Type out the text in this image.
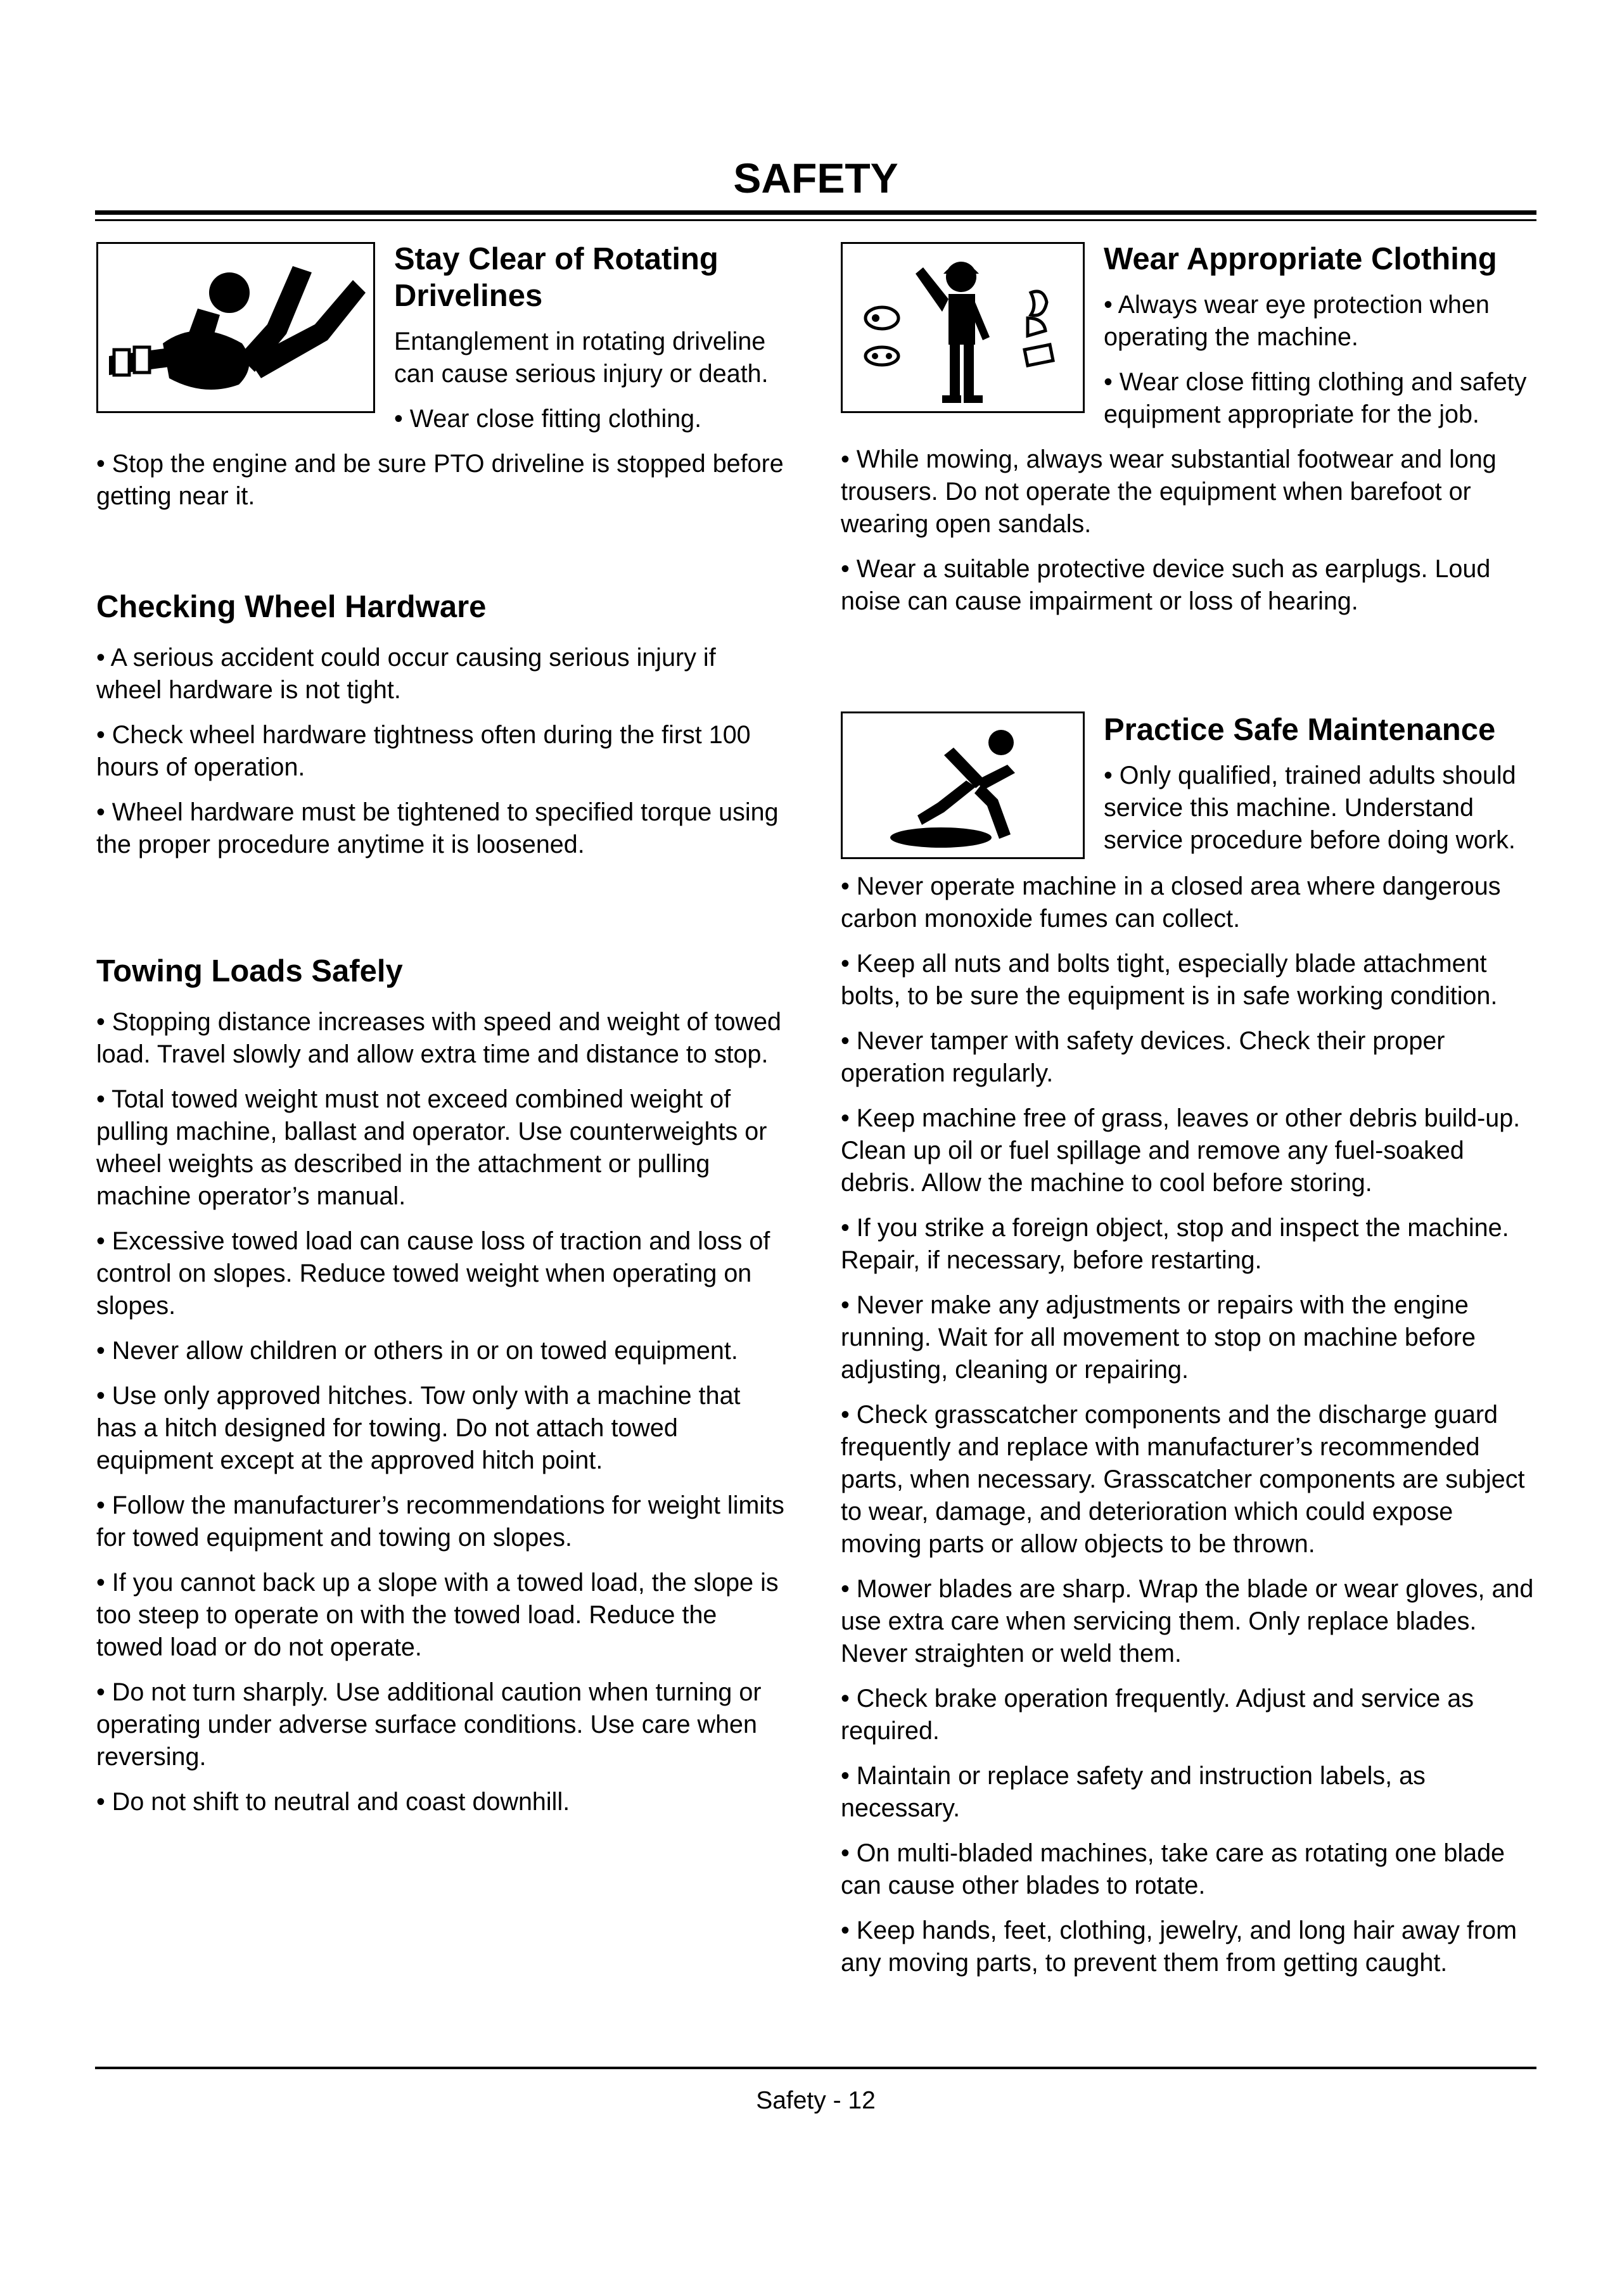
SAFETY
Stay Clear of Rotating
Drivelines

Entanglement in rotating driveline can cause serious injury or death.

• Wear close fitting clothing.

• Stop the engine and be sure PTO driveline is stopped before getting near it.

Checking Wheel Hardware

• A serious accident could occur causing serious injury if wheel hardware is not tight.

• Check wheel hardware tightness often during the first 100 hours of operation.

• Wheel hardware must be tightened to specified torque using the proper procedure anytime it is loosened.

Towing Loads Safely

• Stopping distance increases with speed and weight of towed load. Travel slowly and allow extra time and distance to stop.

• Total towed weight must not exceed combined weight of pulling machine, ballast and operator. Use counterweights or wheel weights as described in the attachment or pulling machine operator’s manual.

• Excessive towed load can cause loss of traction and loss of control on slopes. Reduce towed weight when operating on slopes.

• Never allow children or others in or on towed equipment.

• Use only approved hitches. Tow only with a machine that has a hitch designed for towing. Do not attach towed equipment except at the approved hitch point.

• Follow the manufacturer’s recommendations for weight limits for towed equipment and towing on slopes.

• If you cannot back up a slope with a towed load, the slope is too steep to operate on with the towed load. Reduce the towed load or do not operate.

• Do not turn sharply. Use additional caution when turning or operating under adverse surface conditions. Use care when reversing.

• Do not shift to neutral and coast downhill.

Wear Appropriate Clothing

• Always wear eye protection when operating the machine.

• Wear close fitting clothing and safety equipment appropriate for the job.

• While mowing, always wear substantial footwear and long trousers. Do not operate the equipment when barefoot or wearing open sandals.

• Wear a suitable protective device such as earplugs. Loud noise can cause impairment or loss of hearing.

Practice Safe Maintenance

• Only qualified, trained adults should service this machine. Understand service procedure before doing work.

• Never operate machine in a closed area where dangerous carbon monoxide fumes can collect.

• Keep all nuts and bolts tight, especially blade attachment bolts, to be sure the equipment is in safe working condition.

• Never tamper with safety devices. Check their proper operation regularly.

• Keep machine free of grass, leaves or other debris build-up. Clean up oil or fuel spillage and remove any fuel-soaked debris. Allow the machine to cool before storing.

• If you strike a foreign object, stop and inspect the machine. Repair, if necessary, before restarting.

• Never make any adjustments or repairs with the engine running. Wait for all movement to stop on machine before adjusting, cleaning or repairing.

• Check grasscatcher components and the discharge guard frequently and replace with manufacturer’s recommended parts, when necessary. Grasscatcher components are subject to wear, damage, and deterioration which could expose moving parts or allow objects to be thrown.

• Mower blades are sharp. Wrap the blade or wear gloves, and use extra care when servicing them. Only replace blades. Never straighten or weld them.

• Check brake operation frequently. Adjust and service as required.

• Maintain or replace safety and instruction labels, as necessary.

• On multi-bladed machines, take care as rotating one blade can cause other blades to rotate.

• Keep hands, feet, clothing, jewelry, and long hair away from any moving parts, to prevent them from getting caught.

Safety - 12
